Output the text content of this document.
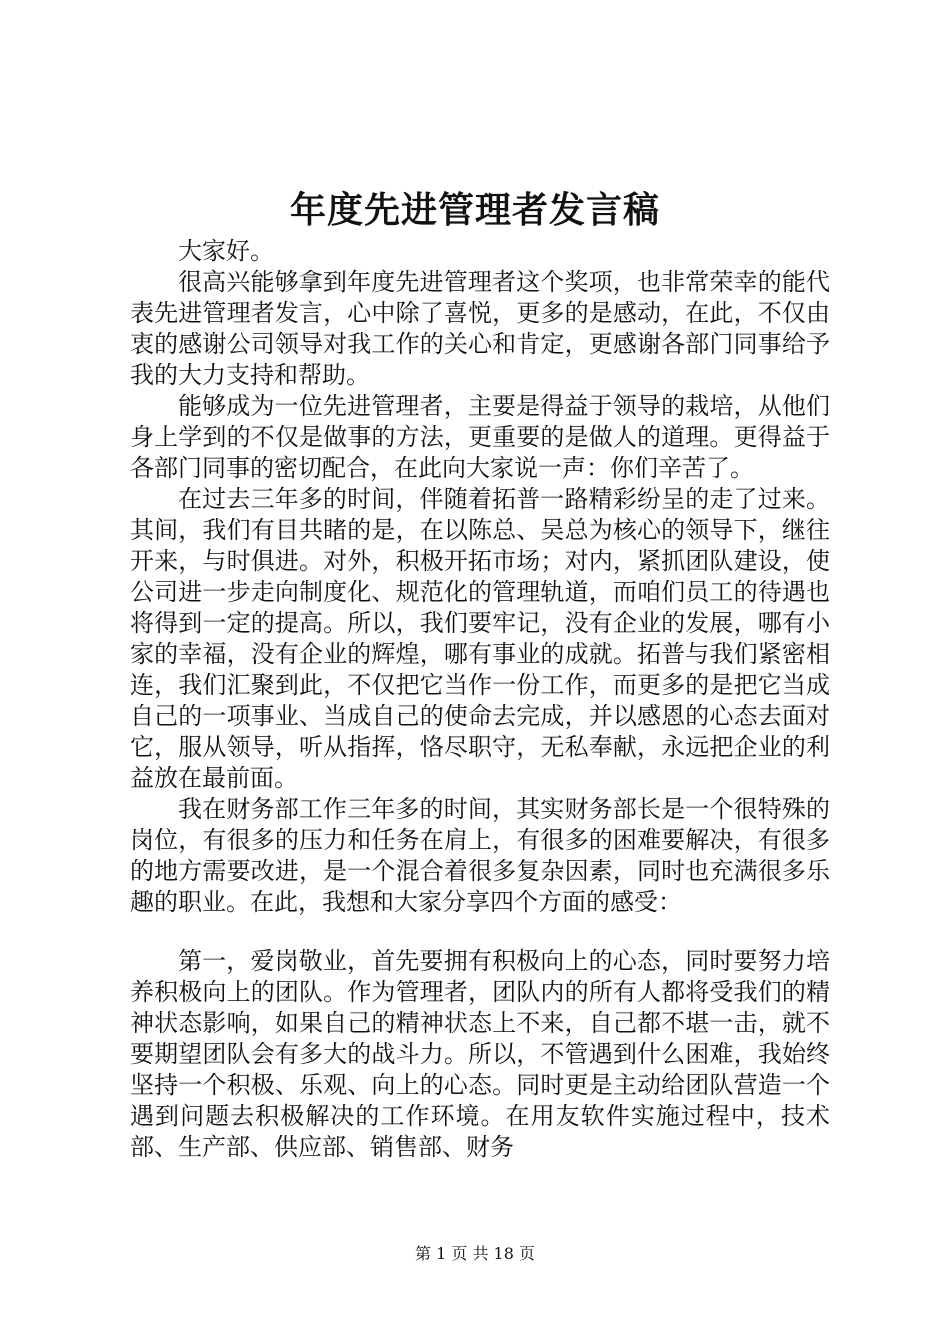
年度先进管理者发言稿

大家好。

很高兴能够拿到年度先进管理者这个奖项，也非常荣幸的能代表先进管理者发言，心中除了喜悦，更多的是感动，在此，不仅由衷的感谢公司领导对我工作的关心和肯定，更感谢各部门同事给予我的大力支持和帮助。

能够成为一位先进管理者，主要是得益于领导的栽培，从他们身上学到的不仅是做事的方法，更重要的是做人的道理。更得益于各部门同事的密切配合，在此向大家说一声：你们辛苦了。

在过去三年多的时间，伴随着拓普一路精彩纷呈的走了过来。其间，我们有目共睹的是，在以陈总、吴总为核心的领导下，继往开来，与时俱进。对外，积极开拓市场；对内，紧抓团队建设，使公司进一步走向制度化、规范化的管理轨道，而咱们员工的待遇也将得到一定的提高。所以，我们要牢记，没有企业的发展，哪有小家的幸福，没有企业的辉煌，哪有事业的成就。拓普与我们紧密相连，我们汇聚到此，不仅把它当作一份工作，而更多的是把它当成自己的一项事业、当成自己的使命去完成，并以感恩的心态去面对它，服从领导，听从指挥，恪尽职守，无私奉献，永远把企业的利益放在最前面。

我在财务部工作三年多的时间，其实财务部长是一个很特殊的岗位，有很多的压力和任务在肩上，有很多的困难要解决，有很多的地方需要改进，是一个混合着很多复杂因素，同时也充满很多乐趣的职业。在此，我想和大家分享四个方面的感受：

第一，爱岗敬业，首先要拥有积极向上的心态，同时要努力培养积极向上的团队。作为管理者，团队内的所有人都将受我们的精神状态影响，如果自己的精神状态上不来，自己都不堪一击，就不要期望团队会有多大的战斗力。所以，不管遇到什么困难，我始终坚持一个积极、乐观、向上的心态。同时更是主动给团队营造一个遇到问题去积极解决的工作环境。在用友软件实施过程中，技术部、生产部、供应部、销售部、财务

第 1 页 共 18 页
